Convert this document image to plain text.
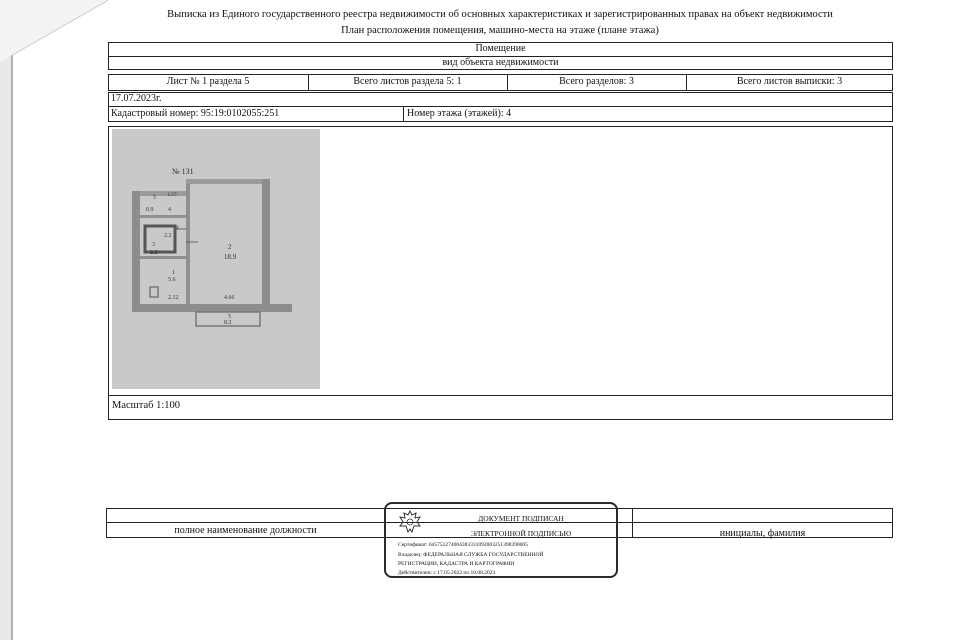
Выписка из Единого государственного реестра недвижимости об основных характеристиках и зарегистрированных правах на объект недвижимости
План расположения помещения, машино-места на этаже (плане этажа)
Помещение
вид объекта недвижимости
Лист № 1 раздела 5	Всего листов раздела 5: 1	Всего разделов: 3	Всего листов выписки: 3
17.07.2023г.
Кадастровый номер: 95:19:0102055:251	Номер этажа (этажей): 4
Масштаб 1:100
№ 131
1.57
5
0.9 4
2.2
3
2.2
1
5.6
2
18.9
2.12	4.66
5
8.2
4
полное наименование должности	инициалы, фамилия
ДОКУМЕНТ ПОДПИСАН
ЭЛЕКТРОННОЙ ПОДПИСЬЮ
Сертификат: 645751274004383331092003251398390005
Владелец: ФЕДЕРАЛЬНАЯ СЛУЖБА ГОСУДАРСТВЕННОЙ
РЕГИСТРАЦИИ, КАДАСТРА И КАРТОГРАФИИ
Действителен: с 17.05.2022 по 10.08.2023
